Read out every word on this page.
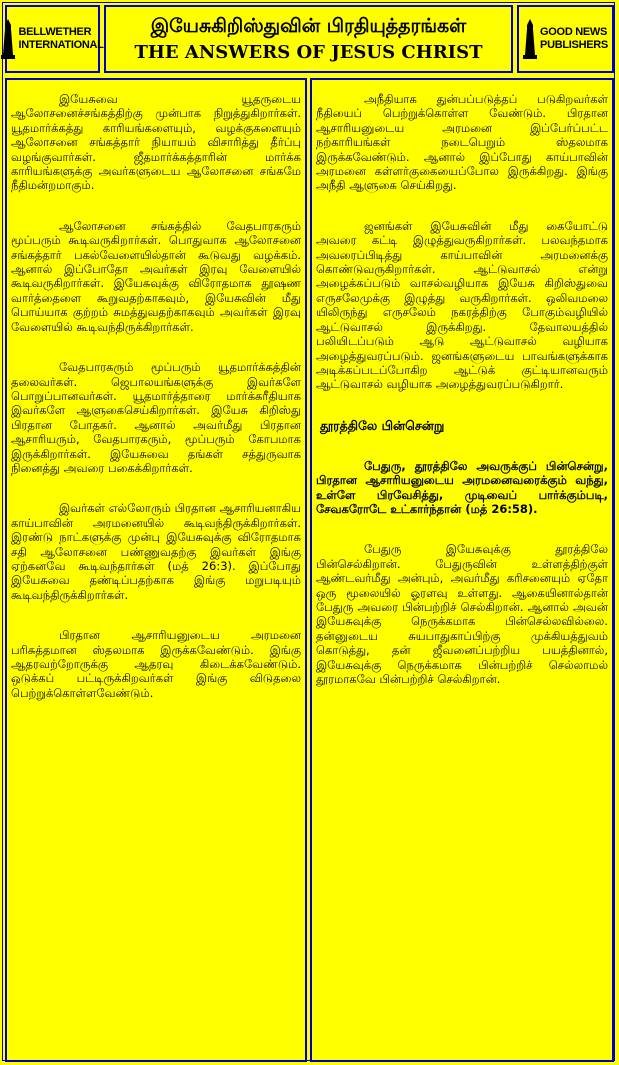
BELLWETHER
INTERNATIONAL
இயேசுகிறிஸ்துவின் பிரதியுத்தரங்கள்
THE ANSWERS OF JESUS CHRIST
GOOD NEWS
PUBLISHERS

இயேசுவை யூதருடைய ஆலோசனைச்சங்கத்திற்கு முன்பாக நிறுத்துகிறார்கள். யூதமார்க்கத்து காரியங்களையும், வழக்குகளையும் ஆலோசனை சங்கத்தார் நியாயம் விசாரித்து தீர்ப்பு வழங்குவார்கள். ஜீதமார்க்கத்தாரின் மார்க்க காரியங்களுக்கு அவர்களுடைய ஆலோசனை சங்கமே நீதிமன்றமாகும்.

ஆலோசனை சங்கத்தில் வேதபாரகரும் மூப்பரும் கூடிவருகிறார்கள். பொதுவாக ஆலோசனை சங்கத்தார் பகல்வேளையில்தான் கூடுவது வழக்கம். ஆனால் இப்போதோ அவர்கள் இரவு வேளையில் கூடிவருகிறார்கள். இயேசுவுக்கு விரோதமாக தூஷண வார்த்தைளை கூறுவதற்காகவும், இயேசுவின் மீது பொய்யாக குற்றம் சுமத்துவதற்காகவும் அவர்கள் இரவு வேளையில் கூடிவந்திருக்கிறார்கள்.

வேதபாரகரும் மூப்பரும் யூதமார்க்கத்தின் தலைவர்கள். ஜெபாலயங்களுக்கு இவர்களே பொறுப்பானவர்கள். யூதமார்த்தாரை மார்க்கரீதியாக இவர்களே ஆளுகைசெய்கிறார்கள். இயேசு கிறிஸ்து பிரதான போதகர். ஆனால் அவர்மீது பிரதான ஆசாரியரும், வேதபாரகரும், மூப்பரும் கோபமாக இருக்கிறார்கள். இயேசுவை தங்கள் சத்துருவாக நினைத்து அவரை பகைக்கிறார்கள்.

இவர்கள் எல்லோரும் பிரதான ஆசாரியனாகிய காய்பாவின் அரமனையில் கூடிவந்திருக்கிறார்கள். இரண்டு நாட்களுக்கு முன்பு இயேசுவுக்கு விரோதமாக சதி ஆலோசனை பண்ணுவதற்கு இவர்கள் இங்கு ஏற்கனவே கூடிவந்தார்கள் (மத் 26:3). இப்போது இயேசுவை தண்டிப்பதற்காக இங்கு மறுபடியும் கூடிவந்திருக்கிறார்கள்.

பிரதான ஆசாரியனுடைய அரமனை பரிசுத்தமான ஸ்தலமாக இருக்கவேண்டும். இங்கு ஆதரவற்றோருக்கு ஆதரவு கிடைக்கவேண்டும். ஒடுக்கப் பட்டிருக்கிறவர்கள் இங்கு விடுதலை பெற்றுக்கொள்ளவேண்டும்.

அநீதியாக துன்பப்படுத்தப் படுகிறவர்கள் நீதியைப் பெற்றுக்கொள்ள வேண்டும். பிரதான ஆசாரியனுடைய அரமனை இப்பேர்ப்பட்ட நற்காரியங்கள் நடைபெறும் ஸ்தலமாக இருக்கவேண்டும். ஆனால் இப்போது காய்பாவின் அரமனை கள்ளர்குகையைப்போல இருக்கிறது. இங்கு அநீதி ஆளுகை செய்கிறது.

ஜனங்கள் இயேசுவின் மீது கையோட்டு அவரை கட்டி இழுத்துவருகிறார்கள். பலவந்தமாக அவரைப்பிடித்து காய்பாவின் அரமனைக்கு கொண்டுவருகிறார்கள். ஆட்டுவாசல் என்று அழைக்கப்படும் வாசல்வழியாக இயேசு கிறிஸ்துவை எருசலேமுக்கு இழுத்து வருகிறார்கள். ஒலிவமலை யிலிருந்து எருசலேம் நகரத்திற்கு போகும்வழியில் ஆட்டுவாசல் இருக்கிறது. தேவாலயத்தில் பலியிடப்படும் ஆடு ஆட்டுவாசல் வழியாக அழைத்துவரப்படும். ஜனங்களுடைய பாவங்களுக்காக அடிக்கப்படப்போகிற ஆட்டுக் குட்டியானவரும் ஆட்டுவாசல் வழியாக அழைத்துவரப்படுகிறார்.

தூரத்திலே பின்சென்று

பேதுரு, தூரத்திலே அவருக்குப் பின்சென்று, பிரதான ஆசாரியனுடைய அரமனைவரைக்கும் வந்து, உள்ளே பிரவேசித்து, முடிவைப் பார்க்கும்படி, சேவகரோடே உட்கார்ந்தான் (மத் 26:58).

பேதுரு இயேசுவுக்கு தூரத்திலே பின்செல்கிறான். பேதுருவின் உள்ளத்திற்குள் ஆண்டவர்மீது அன்பும், அவர்மீது கரிசனையும் ஏதோ ஒரு மூலையில் ஓரளவு உள்ளது. ஆகையினால்தான் பேதுரு அவரை பின்பற்றிச் செல்கிறான். ஆனால் அவன் இயேசுவுக்கு நெருக்கமாக பின்செல்லவில்லை. தன்னுடைய சுயபாதுகாப்பிற்கு முக்கியத்துவம் கொடுத்து, தன் ஜீவனைப்பற்றிய பயத்தினால், இயேசுவுக்கு நெருக்கமாக பின்பற்றிச் செல்லாமல் தூரமாகவே பின்பற்றிச் செல்கிறான்.
